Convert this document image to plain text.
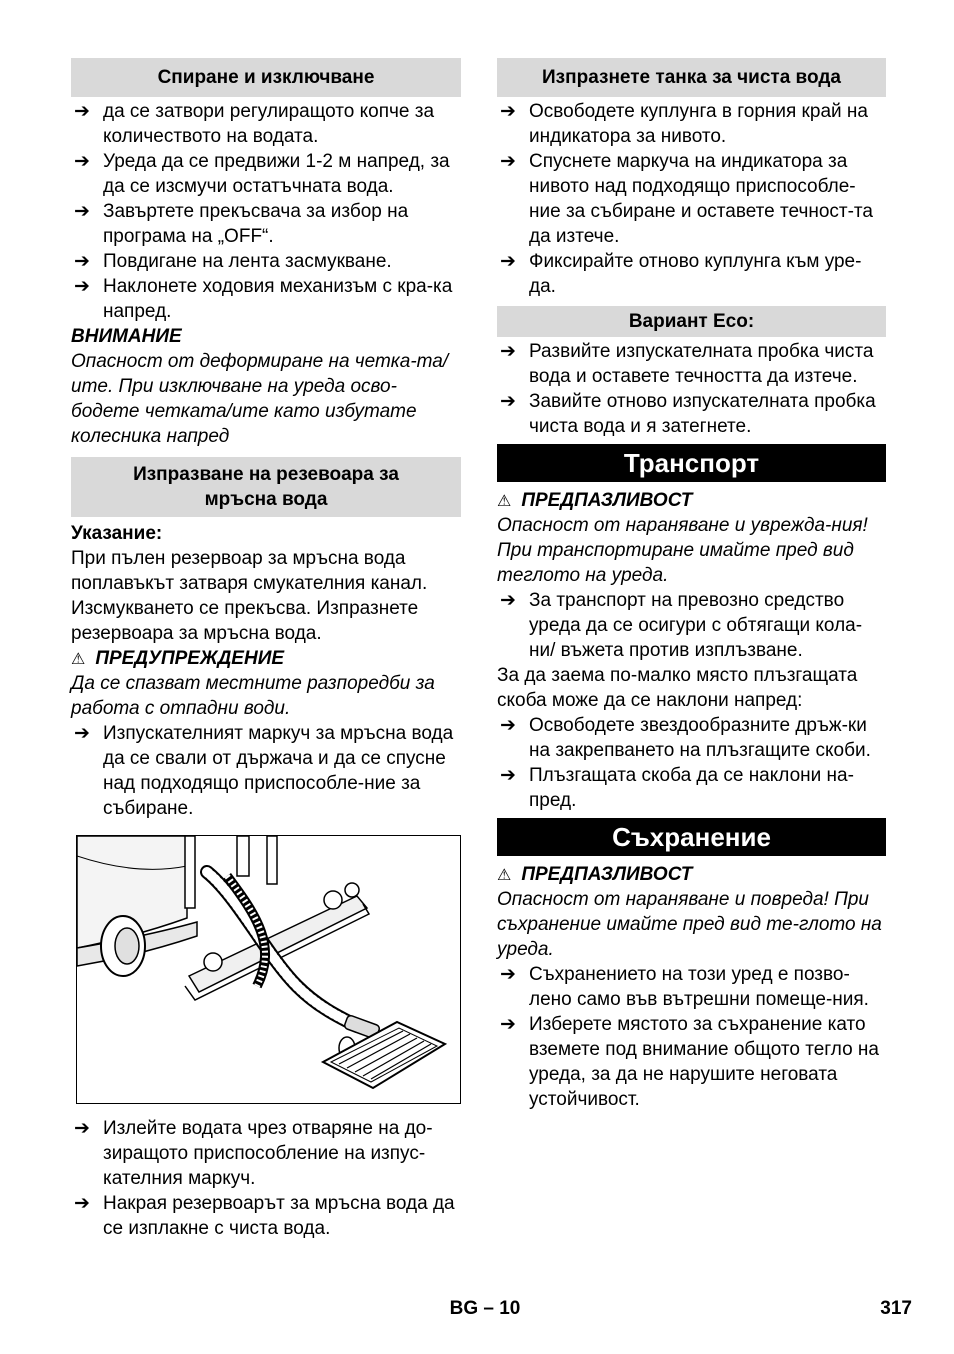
Спиране и изключване
➔ да се затвори регулиращото копче за количеството на водата.
➔ Уреда да се предвижи 1-2 м напред, за да се изсмучи остатъчната вода.
➔ Завъртете прекъсвача за избор на програма на „OFF“.
➔ Повдигане на лента засмукване.
➔ Наклонете ходовия механизъм с кра-ка напред.

ВНИМАНИЕ

Опасност от деформиране на четка-та/ите. При изключване на уреда осво-бодете четката/ите като избутате колесника напред

Изпразване на резевоара за
мръсна вода

Указание:

При пълен резервоар за мръсна вода поплавъкът затваря смукателния канал. Изсмукването се прекъсва. Изпразнете резервоара за мръсна вода.

⚠ ПРЕДУПРЕЖДЕНИЕ

Да се спазват местните разпоредби за работа с отпадни води.

➔ Изпускателният маркуч за мръсна вода да се свали от държача и да се спусне над подходящо приспособле-ние за събиране.
➔ Излейте водата чрез отваряне на до-зиращото приспособление на изпус-кателния маркуч.
➔ Накрая резервоарът за мръсна вода да се изплакне с чиста вода.
Изпразнете танка за чиста вода
➔ Освободете куплунга в горния край на индикатора за нивото.
➔ Спуснете маркуча на индикатора за нивото над подходящо приспособле-ние за събиране и оставете течност-та да изтече.
➔ Фиксирайте отново куплунга към уре-да.
Вариант Eco:
➔ Развийте изпускателната пробка чиста вода и оставете течността да изтече.
➔ Завийте отново изпускателната пробка чиста вода и я затегнете.
Транспорт

⚠ ПРЕДПАЗЛИВОСТ

Опасност от нараняване и уврежда-ния! При транспортиране имайте пред вид теглото на уреда.

➔ За транспорт на превозно средство уреда да се осигури с обтягащи кола-ни/ въжета против изплъзване.

За да заема по-малко място плъзгащата скоба може да се наклони напред:

➔ Освободете звездообразните дръж-ки на закрепването на плъзгащите скоби.
➔ Плъзгащата скоба да се наклони на-пред.
Съхранение

⚠ ПРЕДПАЗЛИВОСТ

Опасност от нараняване и повреда! При съхранение имайте пред вид те-глото на уреда.

➔ Съхранението на този уред е позво-лено само във вътрешни помеще-ния.
➔ Изберете мястото за съхранение като вземете под внимание общото тегло на уреда, за да не нарушите неговата устойчивост.
BG – 10	317
